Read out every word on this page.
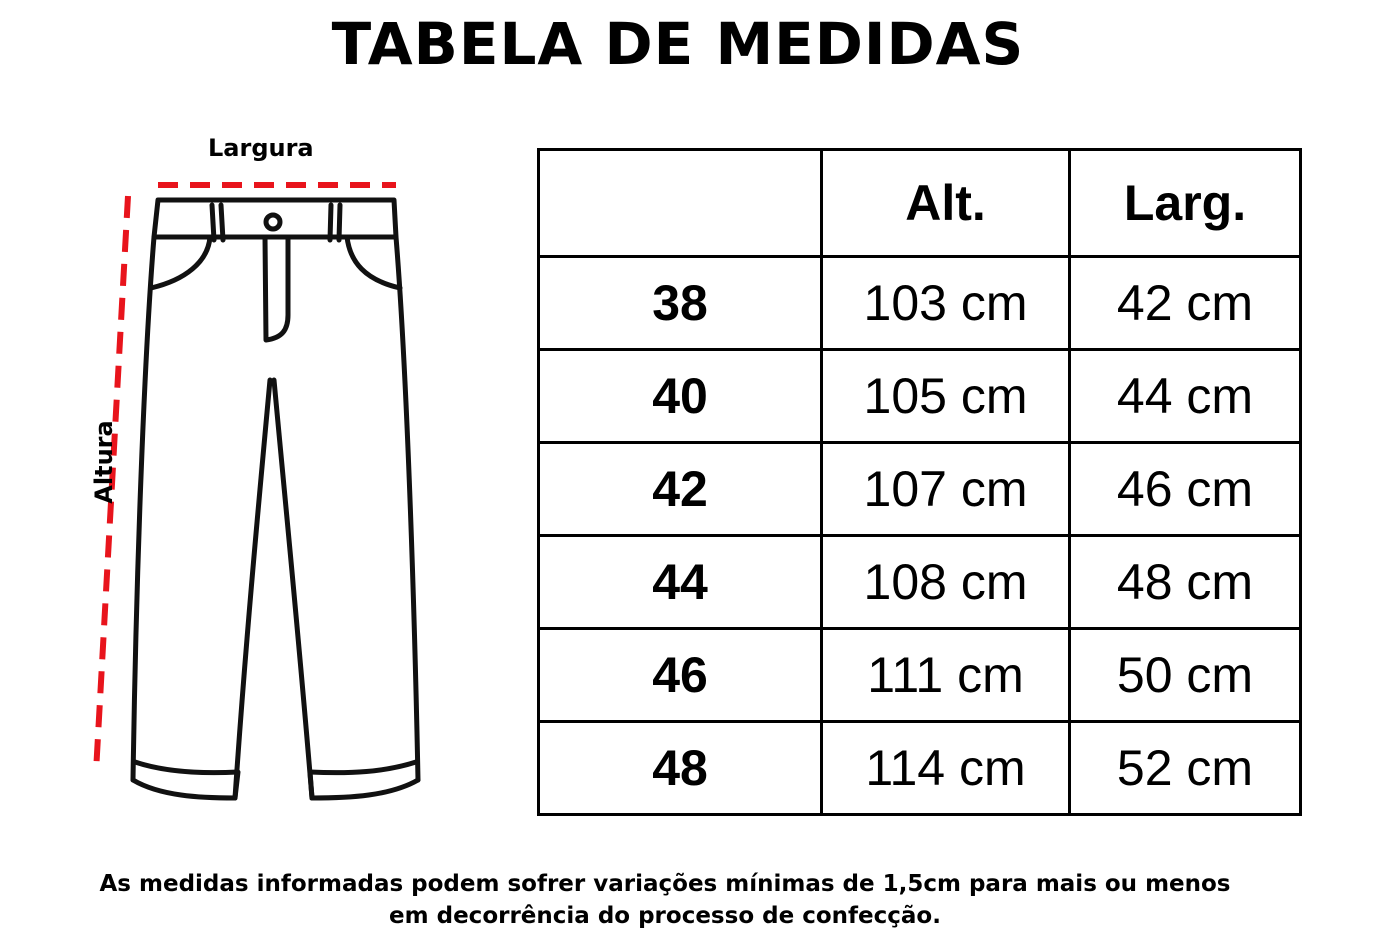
TABELA DE MEDIDAS
Largura
Altura
	Alt.	Larg.
38	103 cm	42 cm
40	105 cm	44 cm
42	107 cm	46 cm
44	108 cm	48 cm
46	111 cm	50 cm
48	114 cm	52 cm
As medidas informadas podem sofrer variações mínimas de 1,5cm para mais ou menos
em decorrência do processo de confecção.
